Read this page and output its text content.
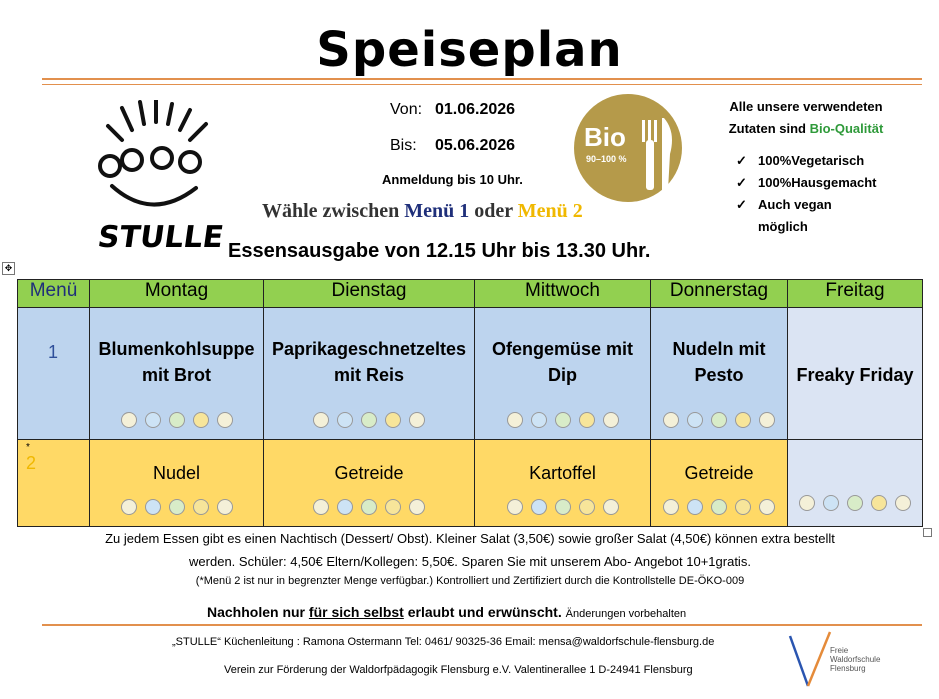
Speiseplan
STULLE
Von: 01.06.2026
Bis: 05.06.2026
Anmeldung bis 10 Uhr.
Bio
90–100 %
Alle unsere verwendeten
Zutaten sind Bio-Qualität
✓ 100%Vegetarisch
✓ 100%Hausgemacht
✓ Auch vegan möglich
Wähle zwischen Menü 1 oder Menü 2
Essensausgabe von 12.15 Uhr bis 13.30 Uhr.
✥
Menü	Montag	Dienstag	Mittwoch	Donnerstag	Freitag

1	Blumenkohlsuppe mit Brot	Paprikageschnetzeltes mit Reis	Ofengemüse mit Dip	Nudeln mit Pesto	Freaky Friday

*
2	Nudel	Getreide	Kartoffel	Getreide	

Zu jedem Essen gibt es einen Nachtisch (Dessert/ Obst). Kleiner Salat (3,50€) sowie großer Salat (4,50€) können extra bestellt
werden. Schüler: 4,50€ Eltern/Kollegen: 5,50€. Sparen Sie mit unserem Abo- Angebot 10+1gratis.
(*Menü 2 ist nur in begrenzter Menge verfügbar.) Kontrolliert und Zertifiziert durch die Kontrollstelle DE-ÖKO-009
Nachholen nur für sich selbst erlaubt und erwünscht. Änderungen vorbehalten
„STULLE“ Küchenleitung : Ramona Ostermann Tel: 0461/ 90325-36 Email: mensa@waldorfschule-flensburg.de
Verein zur Förderung der Waldorfpädagogik Flensburg e.V. Valentinerallee 1 D-24941 Flensburg
Freie
Waldorfschule
Flensburg
